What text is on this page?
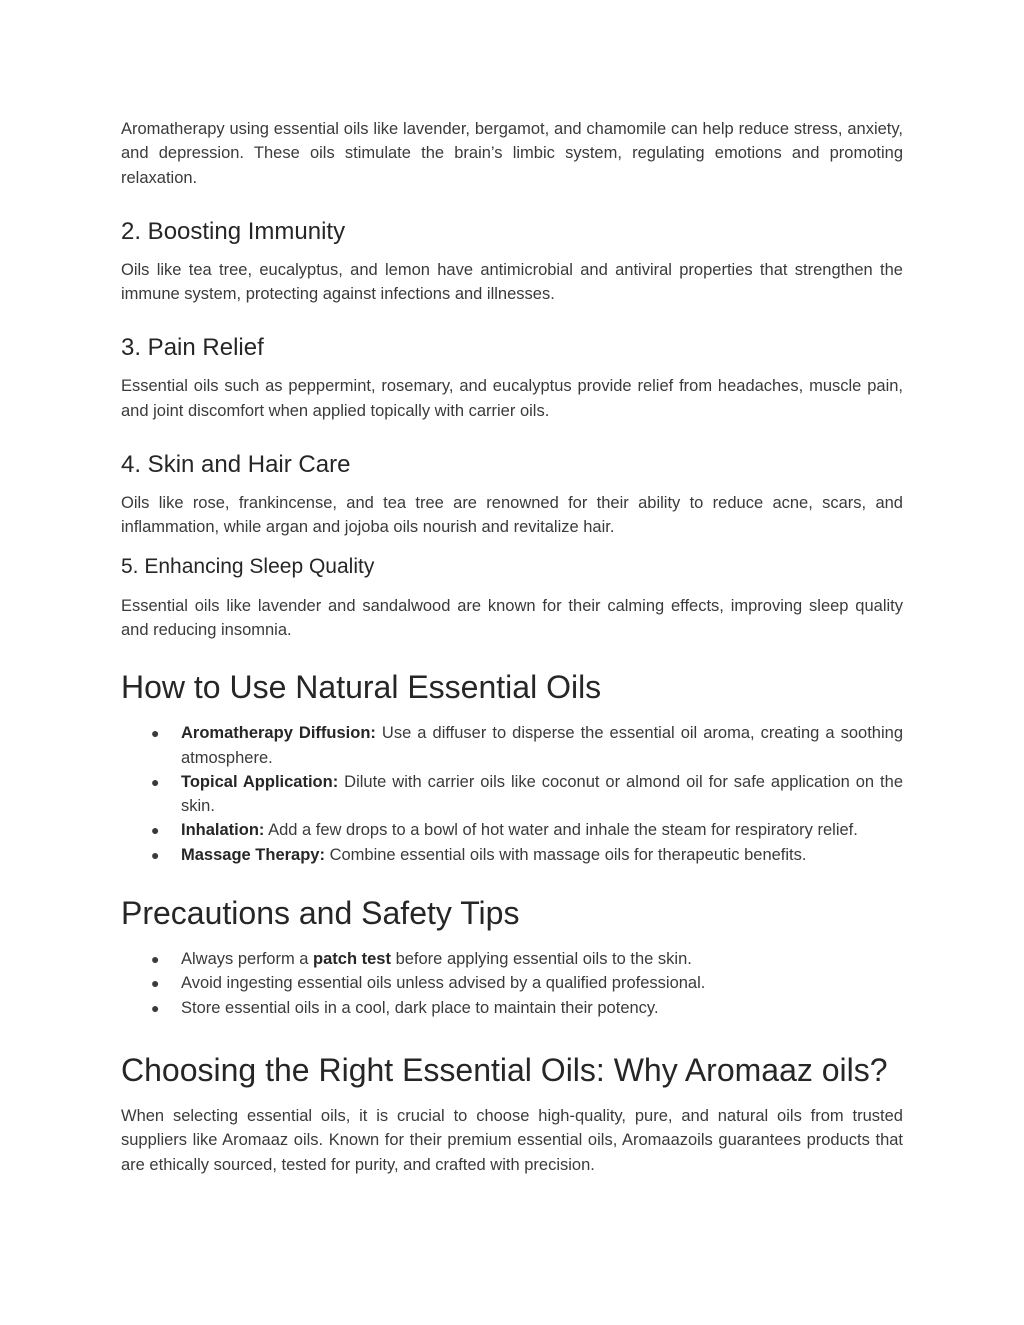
Aromatherapy using essential oils like lavender, bergamot, and chamomile can help reduce stress, anxiety, and depression. These oils stimulate the brain’s limbic system, regulating emotions and promoting relaxation.

2. Boosting Immunity

Oils like tea tree, eucalyptus, and lemon have antimicrobial and antiviral properties that strengthen the immune system, protecting against infections and illnesses.

3. Pain Relief

Essential oils such as peppermint, rosemary, and eucalyptus provide relief from headaches, muscle pain, and joint discomfort when applied topically with carrier oils.

4. Skin and Hair Care

Oils like rose, frankincense, and tea tree are renowned for their ability to reduce acne, scars, and inflammation, while argan and jojoba oils nourish and revitalize hair.

5. Enhancing Sleep Quality

Essential oils like lavender and sandalwood are known for their calming effects, improving sleep quality and reducing insomnia.

How to Use Natural Essential Oils
● Aromatherapy Diffusion: Use a diffuser to disperse the essential oil aroma, creating a soothing atmosphere.
● Topical Application: Dilute with carrier oils like coconut or almond oil for safe application on the skin.
● Inhalation: Add a few drops to a bowl of hot water and inhale the steam for respiratory relief.
● Massage Therapy: Combine essential oils with massage oils for therapeutic benefits.
Precautions and Safety Tips
● Always perform a patch test before applying essential oils to the skin.
● Avoid ingesting essential oils unless advised by a qualified professional.
● Store essential oils in a cool, dark place to maintain their potency.
Choosing the Right Essential Oils: Why Aromaaz oils?

When selecting essential oils, it is crucial to choose high-quality, pure, and natural oils from trusted suppliers like Aromaaz oils. Known for their premium essential oils, Aromaazoils guarantees products that are ethically sourced, tested for purity, and crafted with precision.
